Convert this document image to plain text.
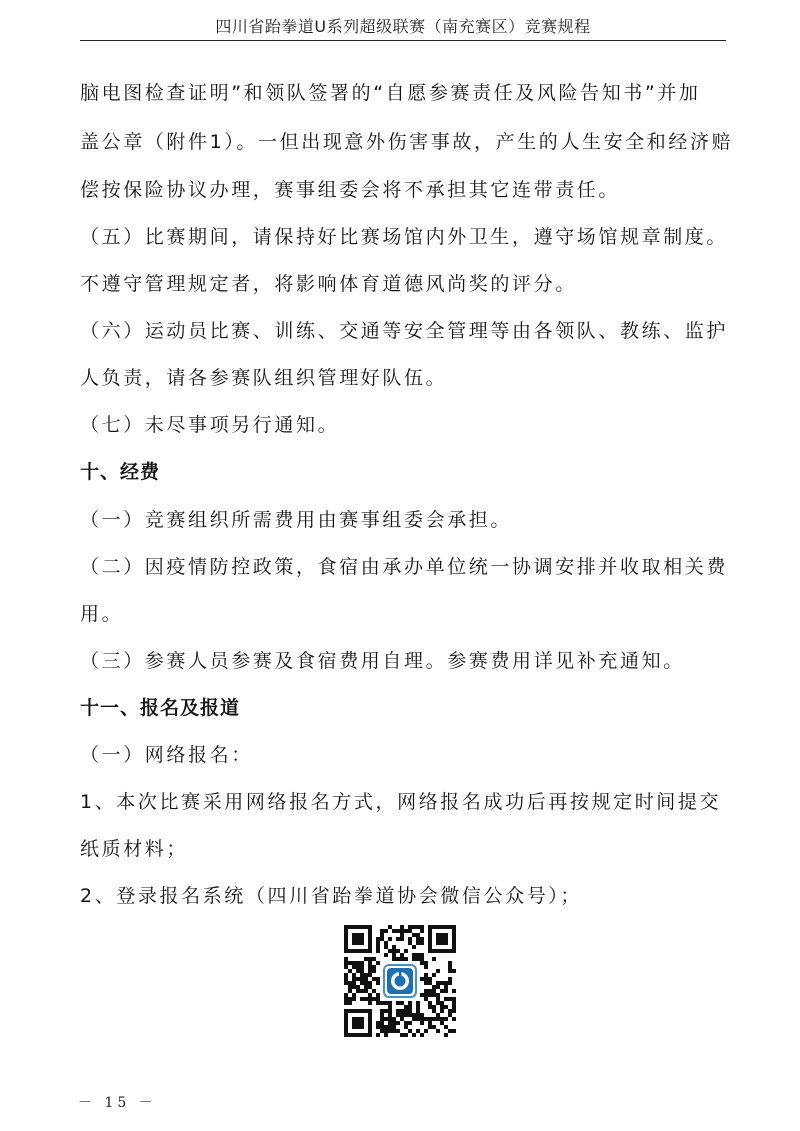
四川省跆拳道U系列超级联赛（南充赛区）竞赛规程
脑电图检查证明”和领队签署的“自愿参赛责任及风险告知书”并加
盖公章（附件1）。一但出现意外伤害事故，产生的人生安全和经济赔
偿按保险协议办理，赛事组委会将不承担其它连带责任。
（五）比赛期间，请保持好比赛场馆内外卫生，遵守场馆规章制度。
不遵守管理规定者，将影响体育道德风尚奖的评分。
（六）运动员比赛、训练、交通等安全管理等由各领队、教练、监护
人负责，请各参赛队组织管理好队伍。
（七）未尽事项另行通知。
十、经费
（一）竞赛组织所需费用由赛事组委会承担。
（二）因疫情防控政策，食宿由承办单位统一协调安排并收取相关费
用。
（三）参赛人员参赛及食宿费用自理。参赛费用详见补充通知。
十一、报名及报道
（一）网络报名：
1、本次比赛采用网络报名方式，网络报名成功后再按规定时间提交
纸质材料；
2、登录报名系统（四川省跆拳道协会微信公众号）；
－ 15 －
